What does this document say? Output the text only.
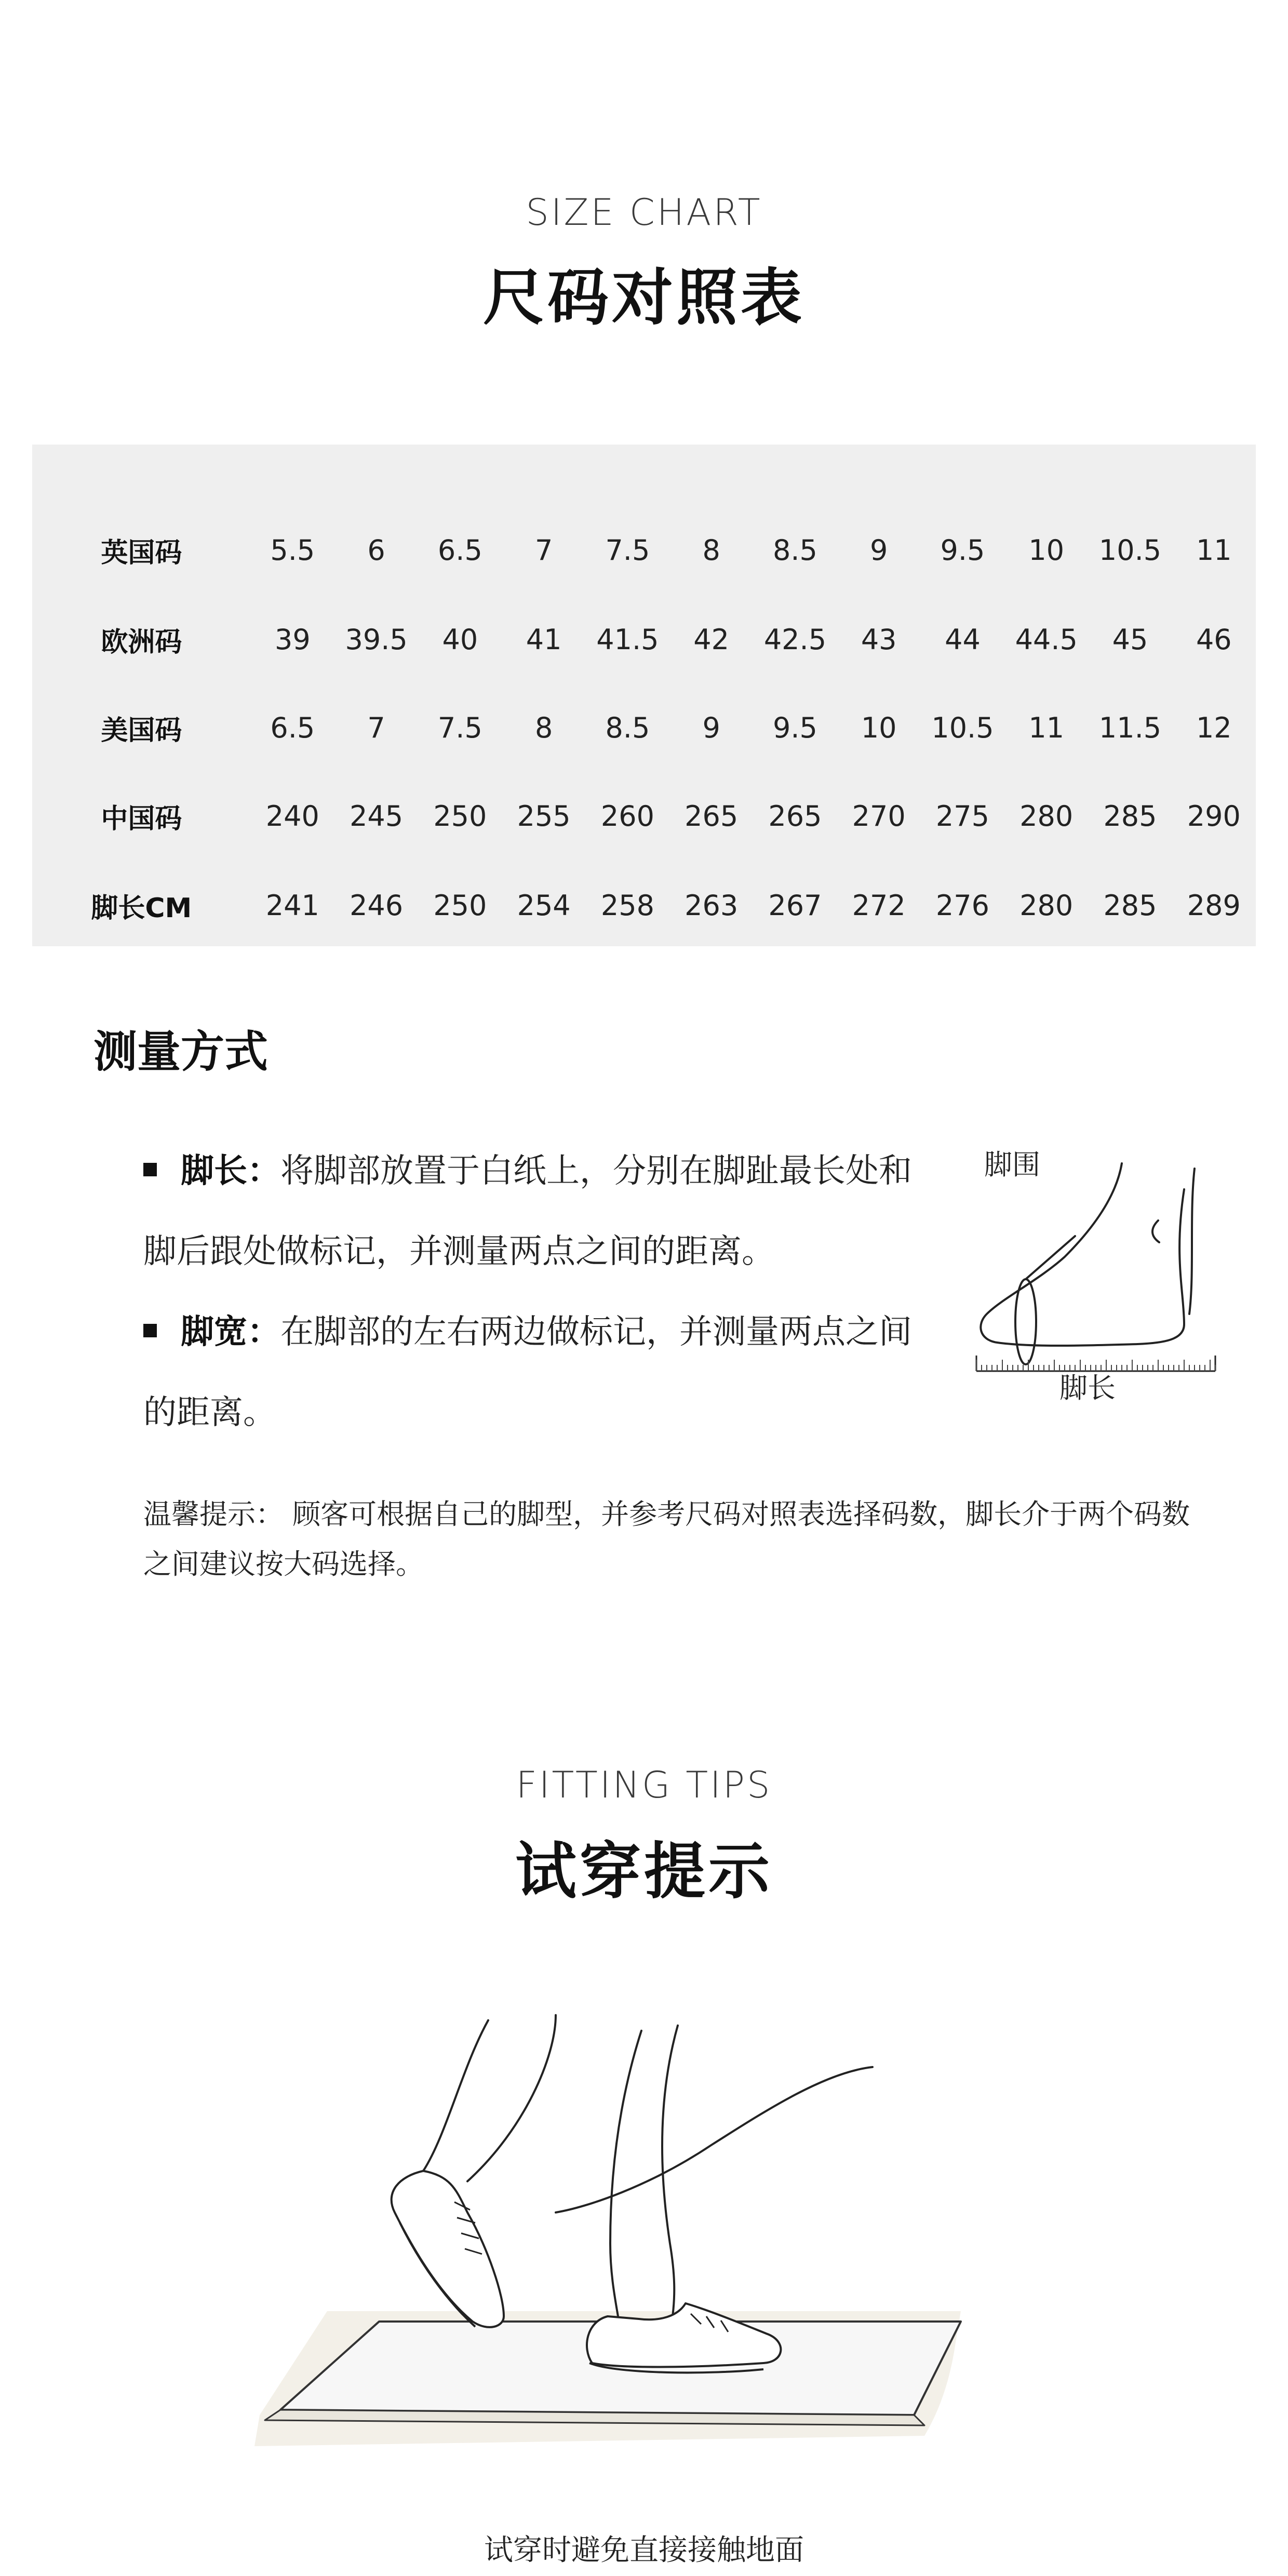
SIZE CHART
尺码对照表
英国码	5.5	6	6.5	7	7.5	8	8.5	9	9.5	10	10.5	11
欧洲码	39	39.5	40	41	41.5	42	42.5	43	44	44.5	45	46
美国码	6.5	7	7.5	8	8.5	9	9.5	10	10.5	11	11.5	12
中国码	240	245	250	255	260	265	265	270	275	280	285	290
脚长CM	241	246	250	254	258	263	267	272	276	280	285	289
测量方式
脚长：将脚部放置于白纸上，分别在脚趾最长处和脚后跟处做标记，并测量两点之间的距离。
脚宽：在脚部的左右两边做标记，并测量两点之间的距离。
脚围
脚长
温馨提示： 顾客可根据自己的脚型，并参考尺码对照表选择码数，脚长介于两个码数之间建议按大码选择。
FITTING TIPS
试穿提示
试穿时避免直接接触地面
